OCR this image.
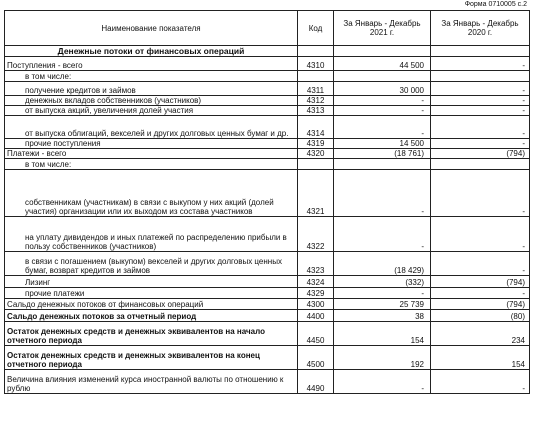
Форма 0710005 с.2
Наименование показателя	Код	За Январь - Декабрь 2021 г.	За Январь - Декабрь 2020 г.
Денежные потоки от финансовых операций			
Поступления - всего	4310	44 500	-
в том числе:			
получение кредитов и займов	4311	30 000	-
денежных вкладов собственников (участников)	4312	-	-
от выпуска акций, увеличения долей участия	4313	-	-
от выпуска облигаций, векселей и других долговых ценных бумаг и др.	4314	-	-
прочие поступления	4319	14 500	-
Платежи - всего	4320	(18 761)	(794)
в том числе:			
собственникам (участникам) в связи с выкупом у них акций (долей участия) организации или их выходом из состава участников	4321	-	-
на уплату дивидендов и иных платежей по распределению прибыли в пользу собственников (участников)	4322	-	-
в связи с погашением (выкупом) векселей и других долговых ценных бумаг, возврат кредитов и займов	4323	(18 429)	-
Лизинг	4324	(332)	(794)
прочие платежи	4329	-	-
Сальдо денежных потоков от финансовых операций	4300	25 739	(794)
Сальдо денежных потоков за отчетный период	4400	38	(80)
Остаток денежных средств и денежных эквивалентов на начало отчетного периода	4450	154	234
Остаток денежных средств и денежных эквивалентов на конец отчетного периода	4500	192	154
Величина влияния изменений курса иностранной валюты по отношению к рублю	4490	-	-
